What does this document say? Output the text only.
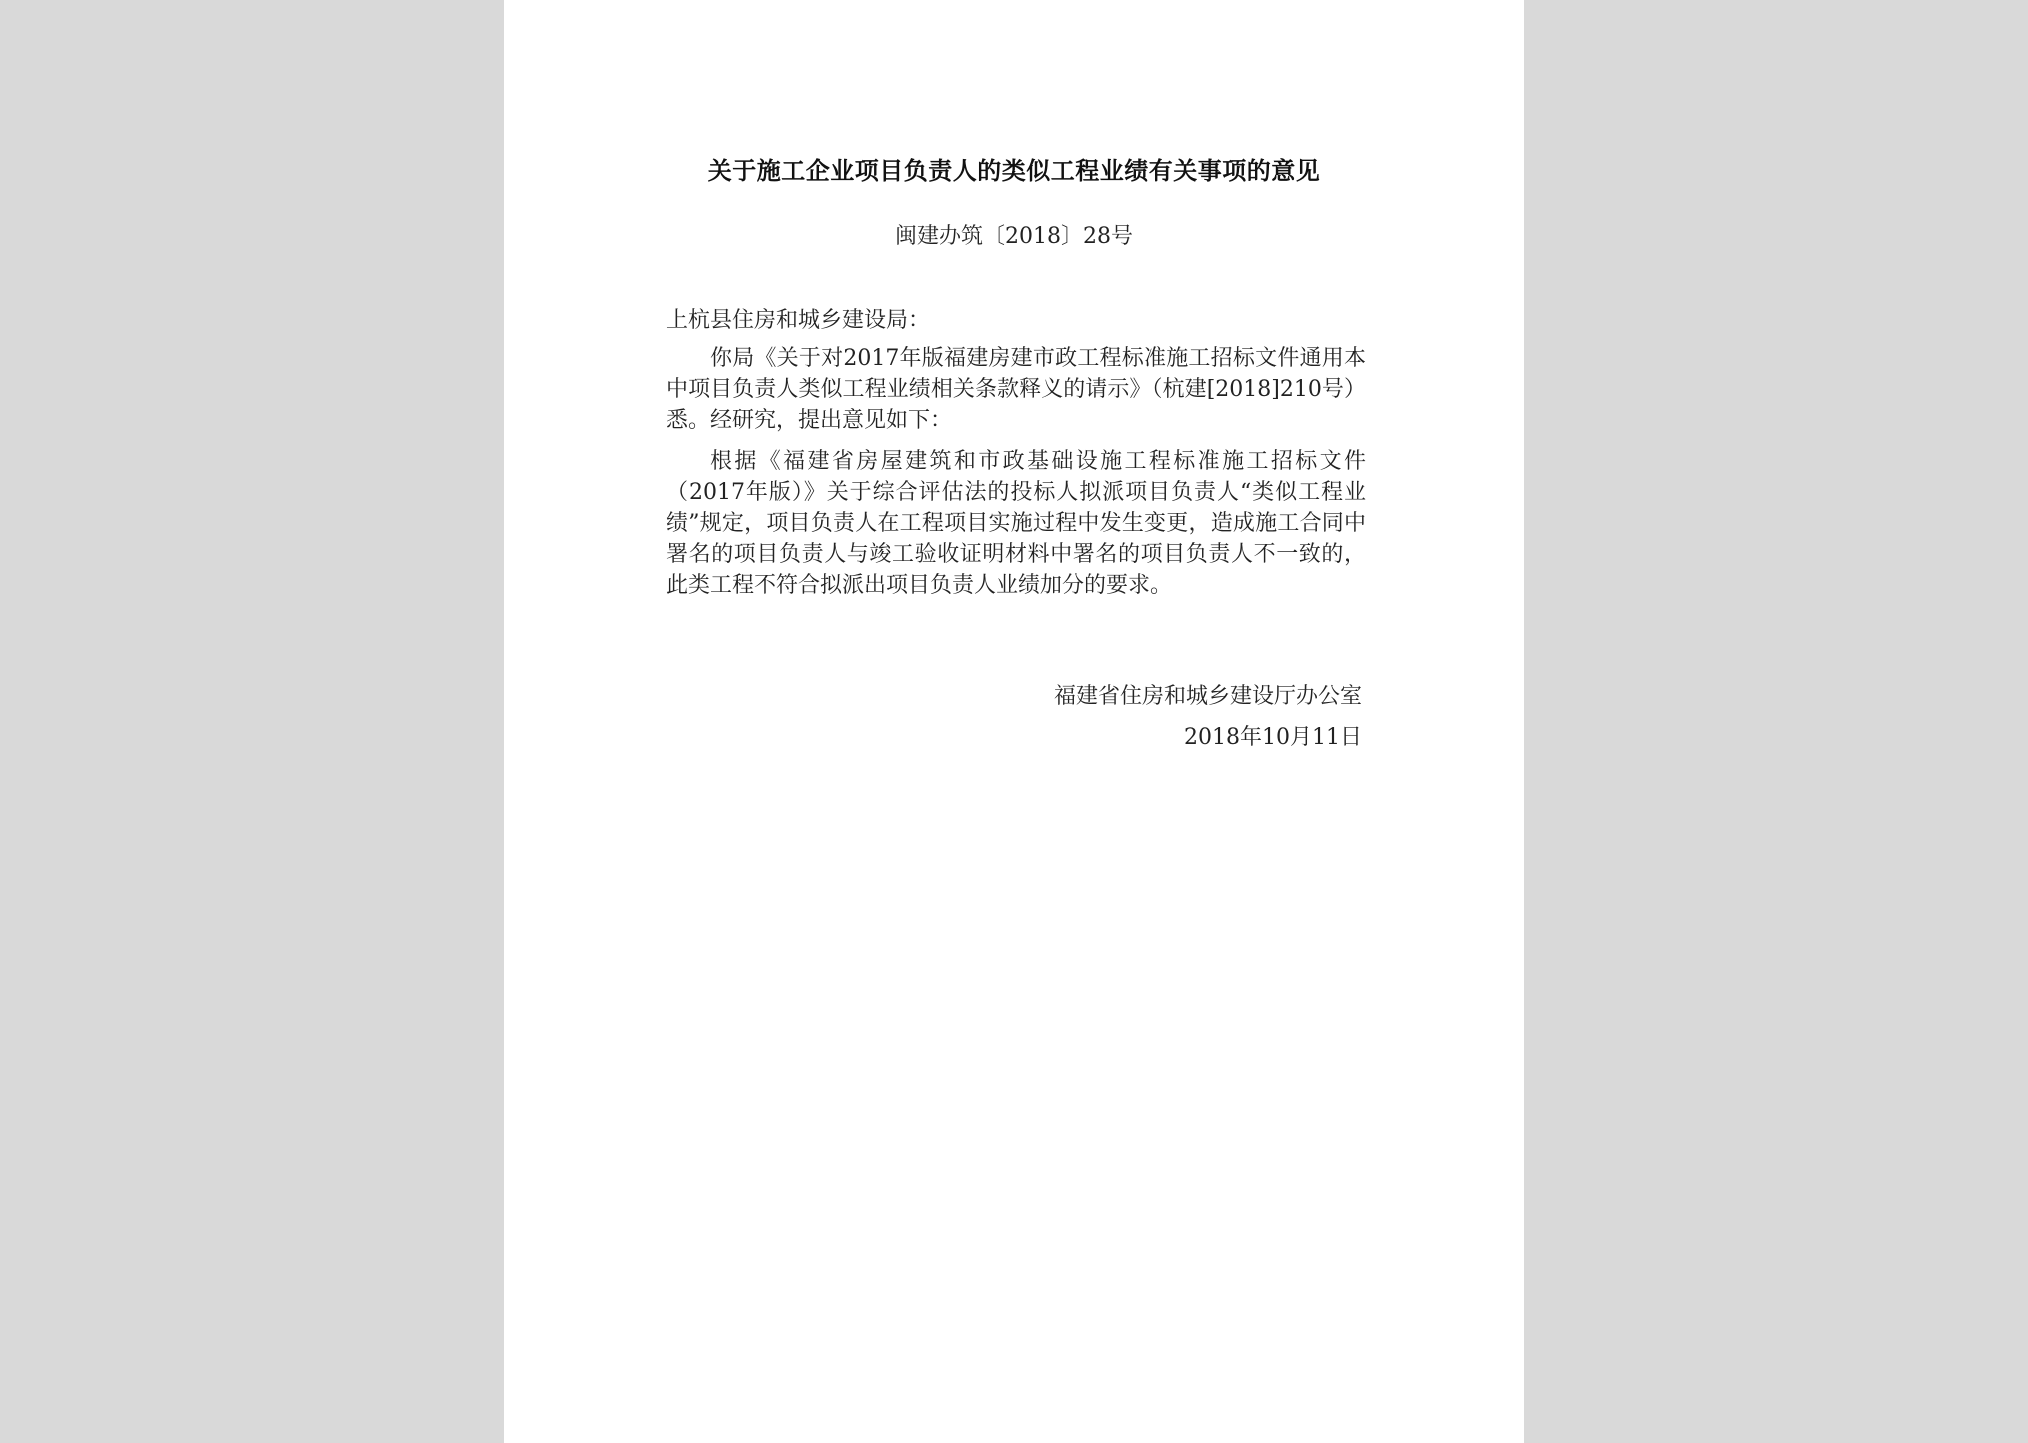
关于施工企业项目负责人的类似工程业绩有关事项的意见
闽建办筑〔2018〕28号
上杭县住房和城乡建设局：
你局《关于对2017年版福建房建市政工程标准施工招标文件通用本中项目负责人类似工程业绩相关条款释义的请示》（杭建[2018]210号）悉。经研究，提出意见如下：
根据《福建省房屋建筑和市政基础设施工程标准施工招标文件（2017年版）》关于综合评估法的投标人拟派项目负责人“类似工程业绩”规定，项目负责人在工程项目实施过程中发生变更，造成施工合同中署名的项目负责人与竣工验收证明材料中署名的项目负责人不一致的，此类工程不符合拟派出项目负责人业绩加分的要求。
福建省住房和城乡建设厅办公室
2018年10月11日
